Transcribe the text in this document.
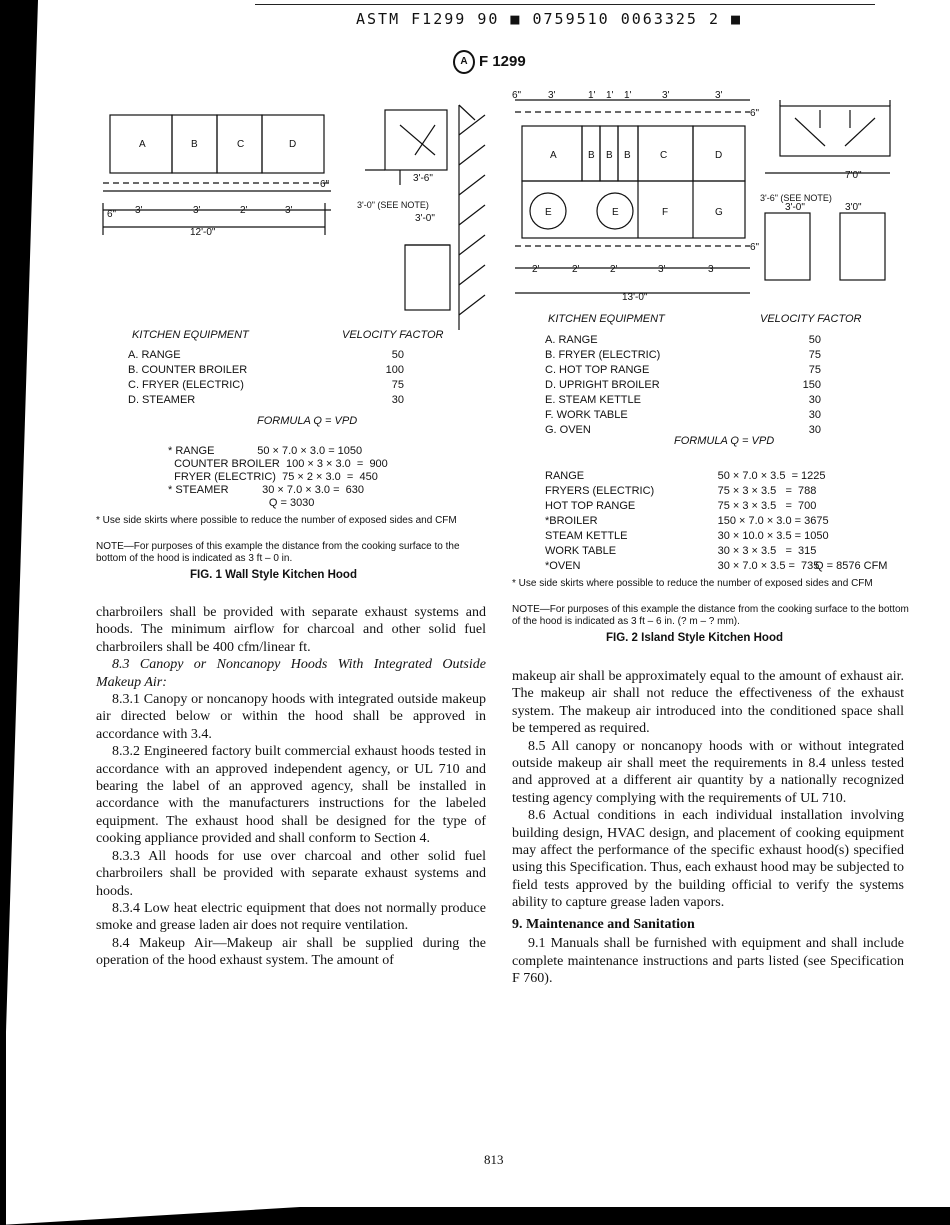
ASTM F1299 90 ■ 0759510 0063325 2 ■
A F 1299
A	B	C	D
3'	3'	2'	3'
6"
6"
12'-0"
3'-6"
3'-0" (SEE NOTE)
3'-0"
KITCHEN EQUIPMENT	VELOCITY FACTOR
A. RANGE	50
B. COUNTER BROILER	100
C. FRYER (ELECTRIC)	75
D. STEAMER	30
FORMULA Q = VPD
* RANGE              50 × 7.0 × 3.0 = 1050
COUNTER BROILER  100 × 3 × 3.0  =  900
FRYER (ELECTRIC)  75 × 2 × 3.0  =  450
* STEAMER           30 × 7.0 × 3.0 =  630
Q = 3030
* Use side skirts where possible to reduce the number of exposed sides and CFM
NOTE—For purposes of this example the distance from the cooking surface to the bottom of the hood is indicated as 3 ft – 0 in.
FIG. 1 Wall Style Kitchen Hood
6"	3'	1' 1' 1'	3'	3'
6"
A	B B B	C	D
E	E	F	G
2'	2'	2'	3'	3
6"
13'-0"
7'0"
3'-6" (SEE NOTE)
3'-0"	3'0"
KITCHEN EQUIPMENT	VELOCITY FACTOR
A. RANGE	50
B. FRYER (ELECTRIC)	75
C. HOT TOP RANGE	75
D. UPRIGHT BROILER	150
E. STEAM KETTLE	30
F. WORK TABLE	30
G. OVEN	30
FORMULA Q = VPD
RANGE	50 × 7.0 × 3.5  = 1225
FRYERS (ELECTRIC)	75 × 3 × 3.5   =  788
HOT TOP RANGE	75 × 3 × 3.5   =  700
*BROILER	150 × 7.0 × 3.0 = 3675
STEAM KETTLE	30 × 10.0 × 3.5 = 1050
WORK TABLE	30 × 3 × 3.5   =  315
*OVEN	30 × 7.0 × 3.5 =  735
Q = 8576 CFM
* Use side skirts where possible to reduce the number of exposed sides and CFM
NOTE—For purposes of this example the distance from the cooking surface to the bottom of the hood is indicated as 3 ft – 6 in. (? m – ? mm).
FIG. 2 Island Style Kitchen Hood

charbroilers shall be provided with separate exhaust systems and hoods. The minimum airflow for charcoal and other solid fuel charbroilers shall be 400 cfm/linear ft.

8.3 Canopy or Noncanopy Hoods With Integrated Outside Makeup Air:

8.3.1 Canopy or noncanopy hoods with integrated outside makeup air directed below or within the hood shall be approved in accordance with 3.4.

8.3.2 Engineered factory built commercial exhaust hoods tested in accordance with an approved independent agency, or UL 710 and bearing the label of an approved agency, shall be installed in accordance with the manufacturers instructions for the labeled equipment. The exhaust hood shall be designed for the type of cooking appliance provided and shall conform to Section 4.

8.3.3 All hoods for use over charcoal and other solid fuel charbroilers shall be provided with separate exhaust systems and hoods.

8.3.4 Low heat electric equipment that does not normally produce smoke and grease laden air does not require ventilation.

8.4 Makeup Air—Makeup air shall be supplied during the operation of the hood exhaust system. The amount of

makeup air shall be approximately equal to the amount of exhaust air. The makeup air shall not reduce the effectiveness of the exhaust system. The makeup air introduced into the conditioned space shall be tempered as required.

8.5 All canopy or noncanopy hoods with or without integrated outside makeup air shall meet the requirements in 8.4 unless tested and approved at a different air quantity by a nationally recognized testing agency complying with the requirements of UL 710.

8.6 Actual conditions in each individual installation involving building design, HVAC design, and placement of cooking equipment may affect the performance of the specific exhaust hood(s) specified using this Specification. Thus, each exhaust hood may be subjected to field tests approved by the building official to verify the systems ability to capture grease laden vapors.

9. Maintenance and Sanitation

9.1 Manuals shall be furnished with equipment and shall include complete maintenance instructions and parts listed (see Specification F 760).

813
